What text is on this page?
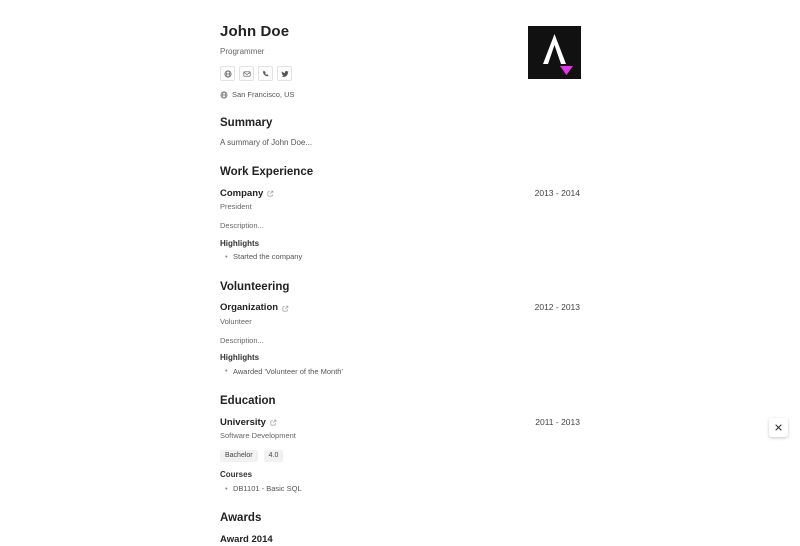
John Doe
Programmer
San Francisco, US
Summary

A summary of John Doe...

Work Experience
Company	2013 - 2014
President
Description...
Highlights
• Started the company
Volunteering
Organization	2012 - 2013
Volunteer
Description...
Highlights
• Awarded 'Volunteer of the Month'
Education
University	2011 - 2013
Software Development
Bachelor	4.0
Courses
• DB1101 - Basic SQL
Awards
Award 2014
